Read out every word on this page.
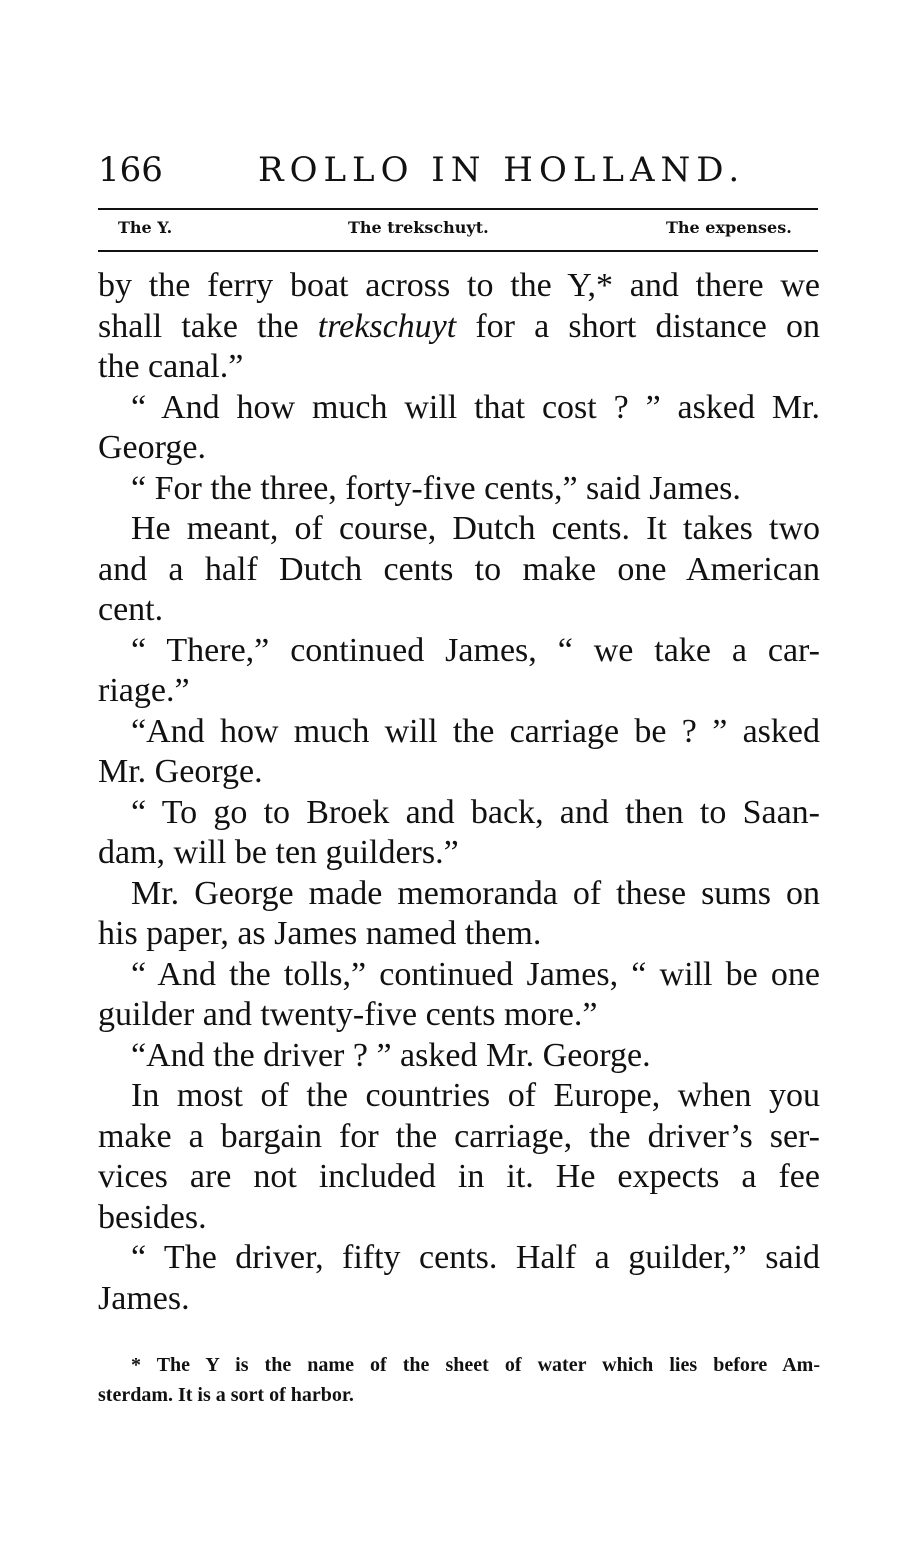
166	ROLLO IN HOLLAND.
The Y.	The trekschuyt.	The expenses.
by the ferry boat across to the Y,* and there we
shall take the trekschuyt for a short distance on
the canal.”
“ And how much will that cost ? ” asked Mr.
George.
“ For the three, forty-five cents,” said James.
He meant, of course, Dutch cents. It takes two
and a half Dutch cents to make one American
cent.
“ There,” continued James, “ we take a car-
riage.”
“And how much will the carriage be ? ” asked
Mr. George.
“ To go to Broek and back, and then to Saan-
dam, will be ten guilders.”
Mr. George made memoranda of these sums on
his paper, as James named them.
“ And the tolls,” continued James, “ will be one
guilder and twenty-five cents more.”
“And the driver ? ” asked Mr. George.
In most of the countries of Europe, when you
make a bargain for the carriage, the driver’s ser-
vices are not included in it. He expects a fee
besides.
“ The driver, fifty cents. Half a guilder,” said
James.
* The Y is the name of the sheet of water which lies before Am-
sterdam. It is a sort of harbor.
